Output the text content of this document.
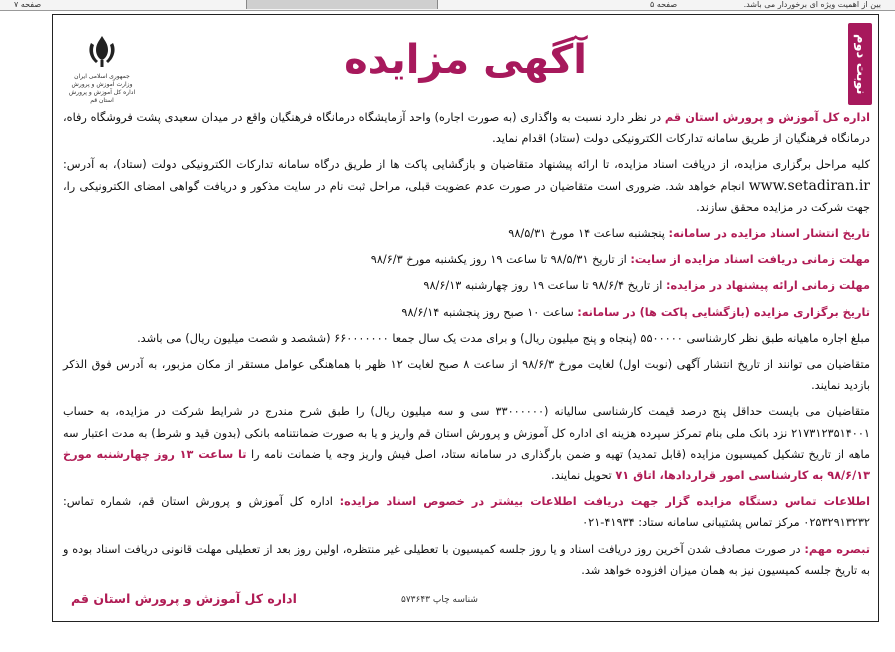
صفحه ۷	صفحه ۵	بین از اهمیت ویژه ای برخوردار می باشد.
نوبت دوم
آگهی مزایده
جمهوری اسلامی ایران
وزارت آموزش و پرورش
اداره کل آموزش و پرورش استان قم

اداره کل آموزش و پرورش استان قم در نظر دارد نسبت به واگذاری (به صورت اجاره) واحد آزمایشگاه درمانگاه فرهنگیان واقع در میدان سعیدی پشت فروشگاه رفاه، درمانگاه فرهنگیان از طریق سامانه تدارکات الکترونیکی دولت (ستاد) اقدام نماید.

کلیه مراحل برگزاری مزایده، از دریافت اسناد مزایده، تا ارائه پیشنهاد متقاضیان و بازگشایی پاکت ها از طریق درگاه سامانه تدارکات الکترونیکی دولت (ستاد)، به آدرس: www.setadiran.ir انجام خواهد شد. ضروری است متقاضیان در صورت عدم عضویت قبلی، مراحل ثبت نام در سایت مذکور و دریافت گواهی امضای الکترونیکی را، جهت شرکت در مزایده محقق سازند.

تاریخ انتشار اسناد مزایده در سامانه: پنجشنبه ساعت ۱۴ مورخ ۹۸/۵/۳۱

مهلت زمانی دریافت اسناد مزایده از سایت: از تاریخ ۹۸/۵/۳۱ تا ساعت ۱۹ روز یکشنبه مورخ ۹۸/۶/۳

مهلت زمانی ارائه پیشنهاد در مزایده: از تاریخ ۹۸/۶/۴ تا ساعت ۱۹ روز چهارشنبه ۹۸/۶/۱۳

تاریخ برگزاری مزایده (بازگشایی پاکت ها) در سامانه: ساعت ۱۰ صبح روز پنجشنبه ۹۸/۶/۱۴

مبلغ اجاره ماهیانه طبق نظر کارشناسی ۵۵۰۰۰۰۰ (پنجاه و پنج میلیون ریال) و برای مدت یک سال جمعا ۶۶۰۰۰۰۰۰۰ (ششصد و شصت میلیون ریال) می باشد.

متقاضیان می توانند از تاریخ انتشار آگهی (نوبت اول) لغایت مورخ ۹۸/۶/۳ از ساعت ۸ صبح لغایت ۱۲ ظهر با هماهنگی عوامل مستقر از مکان مزبور، به آدرس فوق الذکر بازدید نمایند.

متقاضیان می بایست حداقل پنج درصد قیمت کارشناسی سالیانه (۳۳۰۰۰۰۰۰ سی و سه میلیون ریال) را طبق شرح مندرج در شرایط شرکت در مزایده، به حساب ۲۱۷۳۱۲۳۵۱۴۰۰۱ نزد بانک ملی بنام تمرکز سپرده هزینه ای اداره کل آموزش و پرورش استان قم واریز و یا به صورت ضمانتنامه بانکی (بدون قید و شرط) به مدت اعتبار سه ماهه از تاریخ تشکیل کمیسیون مزایده (قابل تمدید) تهیه و ضمن بارگذاری در سامانه ستاد، اصل فیش واریز وجه یا ضمانت نامه را تا ساعت ۱۳ روز چهارشنبه مورخ ۹۸/۶/۱۳ به کارشناسی امور قراردادها، اتاق ۷۱ تحویل نمایند.

اطلاعات تماس دستگاه مزایده گزار جهت دریافت اطلاعات بیشتر در خصوص اسناد مزایده: اداره کل آموزش و پرورش استان قم، شماره تماس: ۰۲۵۳۲۹۱۳۲۳۲ مرکز تماس پشتیبانی سامانه ستاد: ۴۱۹۳۴-۰۲۱

تبصره مهم: در صورت مصادف شدن آخرین روز دریافت اسناد و یا روز جلسه کمیسیون با تعطیلی غیر منتظره، اولین روز بعد از تعطیلی مهلت قانونی دریافت اسناد بوده و به تاریخ جلسه کمیسیون نیز به همان میزان افزوده خواهد شد.

اداره کل آموزش و پرورش استان قم	شناسه چاپ ۵۷۳۶۴۳
